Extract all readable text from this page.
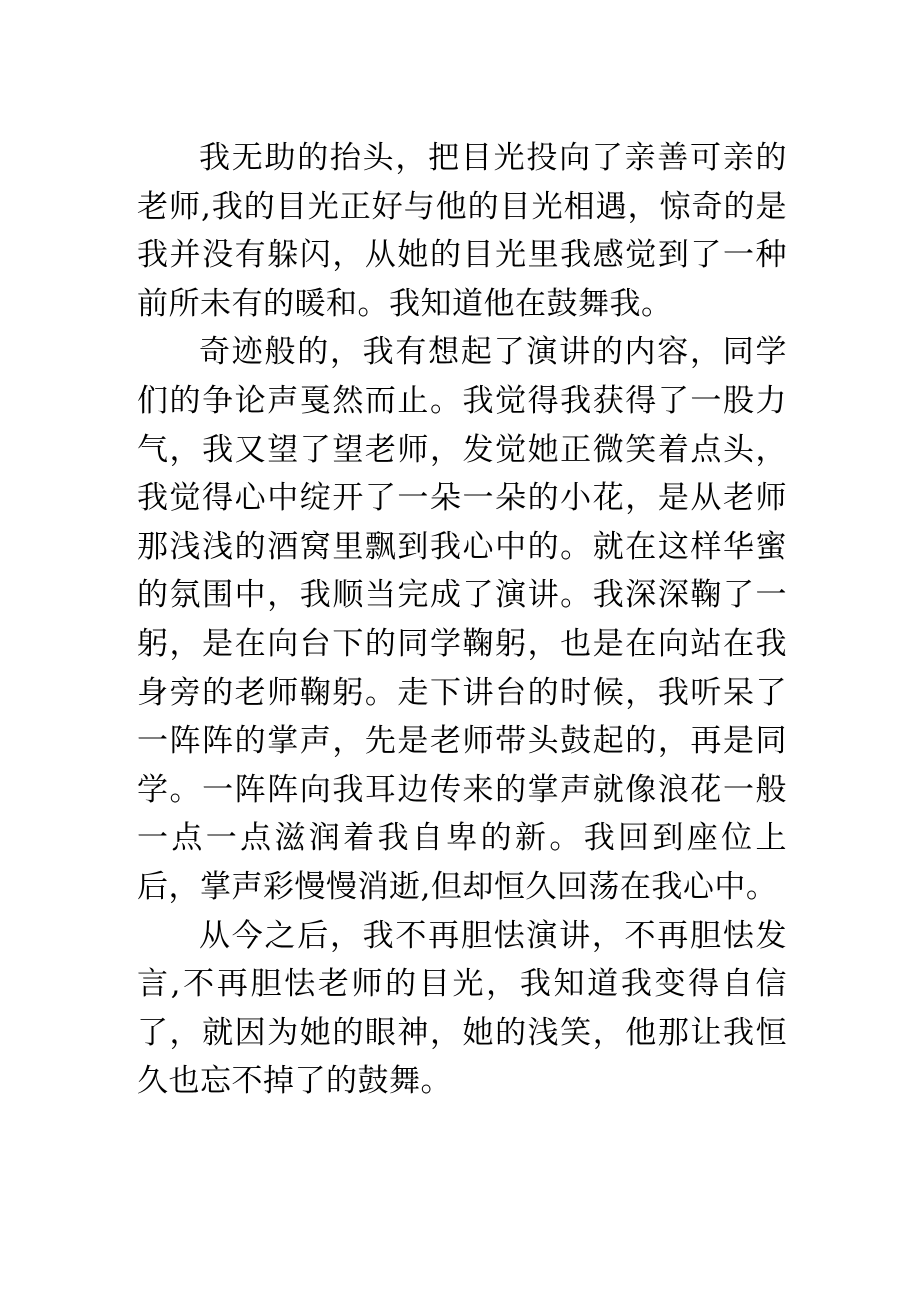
我无助的抬头，把目光投向了亲善可亲的老师,我的目光正好与他的目光相遇，惊奇的是我并没有躲闪，从她的目光里我感觉到了一种前所未有的暖和。我知道他在鼓舞我。

奇迹般的，我有想起了演讲的内容，同学们的争论声戛然而止。我觉得我获得了一股力气，我又望了望老师，发觉她正微笑着点头，我觉得心中绽开了一朵一朵的小花，是从老师那浅浅的酒窝里飘到我心中的。就在这样华蜜的氛围中，我顺当完成了演讲。我深深鞠了一躬，是在向台下的同学鞠躬，也是在向站在我身旁的老师鞠躬。走下讲台的时候，我听呆了一阵阵的掌声，先是老师带头鼓起的，再是同学。一阵阵向我耳边传来的掌声就像浪花一般一点一点滋润着我自卑的新。我回到座位上后，掌声彩慢慢消逝,但却恒久回荡在我心中。

从今之后，我不再胆怯演讲，不再胆怯发言,不再胆怯老师的目光，我知道我变得自信了，就因为她的眼神，她的浅笑，他那让我恒久也忘不掉了的鼓舞。
